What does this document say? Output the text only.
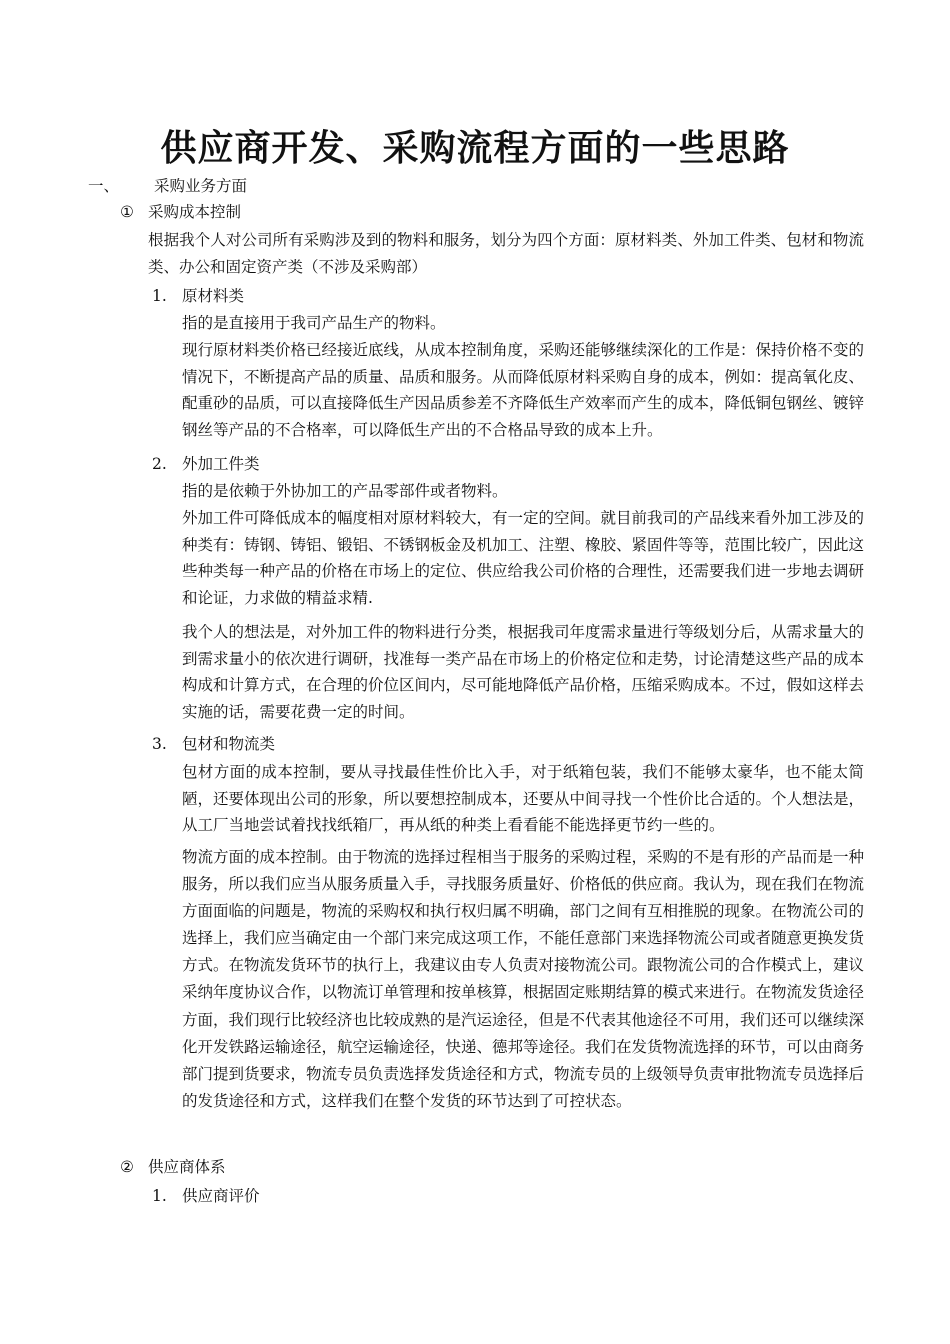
供应商开发、采购流程方面的一些思路
一、 采购业务方面
① 采购成本控制
根据我个人对公司所有采购涉及到的物料和服务，划分为四个方面：原材料类、外加工件类、包材和物流类、办公和固定资产类（不涉及采购部）
1. 原材料类
指的是直接用于我司产品生产的物料。
现行原材料类价格已经接近底线，从成本控制角度，采购还能够继续深化的工作是：保持价格不变的情况下，不断提高产品的质量、品质和服务。从而降低原材料采购自身的成本，例如：提高氧化皮、配重砂的品质，可以直接降低生产因品质参差不齐降低生产效率而产生的成本，降低铜包钢丝、镀锌钢丝等产品的不合格率，可以降低生产出的不合格品导致的成本上升。
2. 外加工件类
指的是依赖于外协加工的产品零部件或者物料。
外加工件可降低成本的幅度相对原材料较大，有一定的空间。就目前我司的产品线来看外加工涉及的种类有：铸钢、铸铝、锻铝、不锈钢板金及机加工、注塑、橡胶、紧固件等等，范围比较广，因此这些种类每一种产品的价格在市场上的定位、供应给我公司价格的合理性，还需要我们进一步地去调研和论证，力求做的精益求精.
我个人的想法是，对外加工件的物料进行分类，根据我司年度需求量进行等级划分后，从需求量大的到需求量小的依次进行调研，找准每一类产品在市场上的价格定位和走势，讨论清楚这些产品的成本构成和计算方式，在合理的价位区间内，尽可能地降低产品价格，压缩采购成本。不过，假如这样去实施的话，需要花费一定的时间。
3. 包材和物流类
包材方面的成本控制，要从寻找最佳性价比入手，对于纸箱包装，我们不能够太豪华，也不能太简陋，还要体现出公司的形象，所以要想控制成本，还要从中间寻找一个性价比合适的。个人想法是，从工厂当地尝试着找找纸箱厂，再从纸的种类上看看能不能选择更节约一些的。
物流方面的成本控制。由于物流的选择过程相当于服务的采购过程，采购的不是有形的产品而是一种服务，所以我们应当从服务质量入手，寻找服务质量好、价格低的供应商。我认为，现在我们在物流方面面临的问题是，物流的采购权和执行权归属不明确，部门之间有互相推脱的现象。在物流公司的选择上，我们应当确定由一个部门来完成这项工作，不能任意部门来选择物流公司或者随意更换发货方式。在物流发货环节的执行上，我建议由专人负责对接物流公司。跟物流公司的合作模式上，建议采纳年度协议合作，以物流订单管理和按单核算，根据固定账期结算的模式来进行。在物流发货途径方面，我们现行比较经济也比较成熟的是汽运途径，但是不代表其他途径不可用，我们还可以继续深化开发铁路运输途径，航空运输途径，快递、德邦等途径。我们在发货物流选择的环节，可以由商务部门提到货要求，物流专员负责选择发货途径和方式，物流专员的上级领导负责审批物流专员选择后的发货途径和方式，这样我们在整个发货的环节达到了可控状态。
② 供应商体系
1. 供应商评价
